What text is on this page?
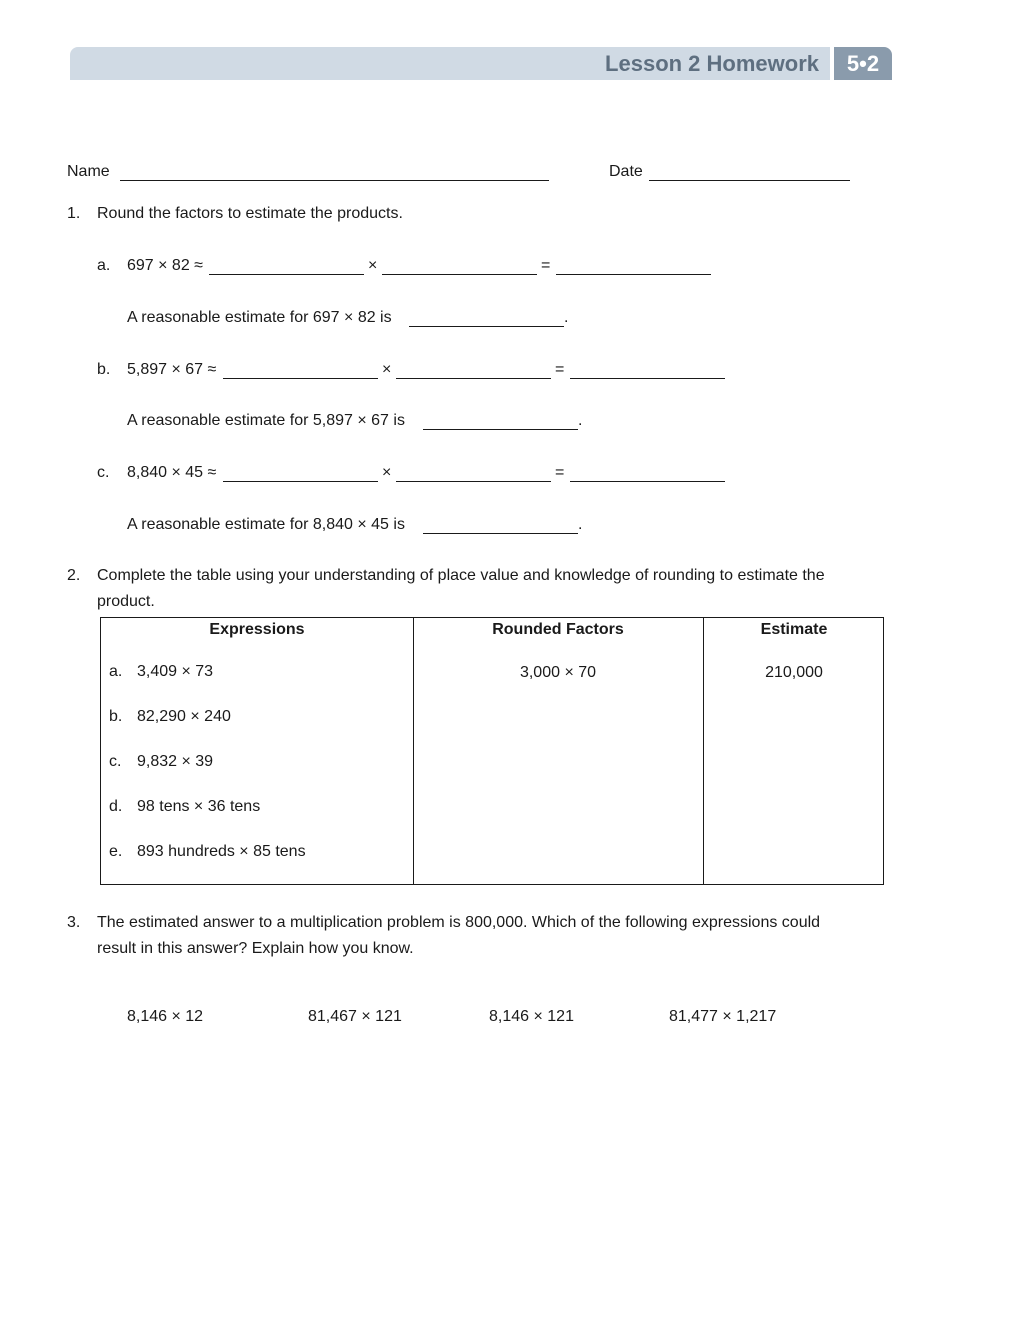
Lesson 2 Homework	5•2
Name	Date
1. Round the factors to estimate the products.
a. 697 × 82 ≈	×	=
A reasonable estimate for 697 × 82 is	.
b. 5,897 × 67 ≈	×	=
A reasonable estimate for 5,897 × 67 is	.
c. 8,840 × 45 ≈	×	=
A reasonable estimate for 8,840 × 45 is	.
2. Complete the table using your understanding of place value and knowledge of rounding to estimate the
product.
Expressions	Rounded Factors	Estimate
a. 3,409 × 73	3,000 × 70	210,000
b. 82,290 × 240
c. 9,832 × 39
d. 98 tens × 36 tens
e. 893 hundreds × 85 tens
3. The estimated answer to a multiplication problem is 800,000. Which of the following expressions could
result in this answer? Explain how you know.
8,146 × 12	81,467 × 121	8,146 × 121	81,477 × 1,217
